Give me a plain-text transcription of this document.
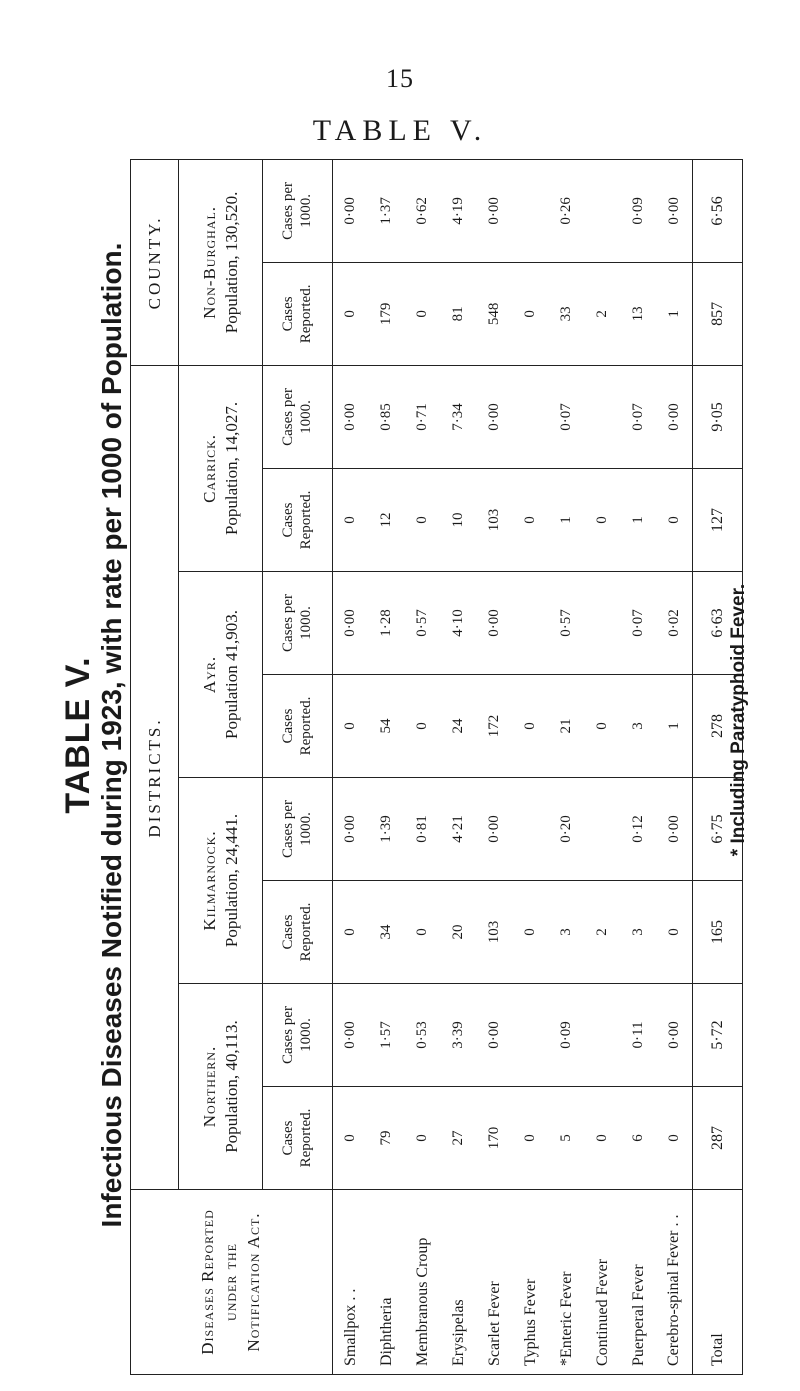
15
TABLE V.
TABLE V.
Infectious Diseases Notified during 1923, with rate per 1000 of Population.
Diseases Reported under the Notification Act.	DISTRICTS.								COUNTY.	
	Northern. Population, 40,113.		Kilmarnock. Population, 24,441.		Ayr. Population 41,903.		Carrick. Population, 14,027.		Non-Burghal. Population, 130,520.	
	Cases Reported.	Cases per 1000.	Cases Reported.	Cases per 1000.	Cases Reported.	Cases per 1000.	Cases Reported.	Cases per 1000.	Cases Reported.	Cases per 1000.
Smallpox . .	0	0·00	0	0·00	0	0·00	0	0·00	0	0·00
Diphtheria	79	1·57	34	1·39	54	1·28	12	0·85	179	1·37
Membranous Croup	0	0·53	0	0·81	0	0·57	0	0·71	0	0·62
Erysipelas	27	3·39	20	4·21	24	4·10	10	7·34	81	4·19
Scarlet Fever	170	0·00	103	0·00	172	0·00	103	0·00	548	0·00
Typhus Fever	0		0		0		0		0	
*Enteric Fever	5	0·09	3	0·20	21	0·57	1	0·07	33	0·26
Continued Fever	0		2		0		0		2	
Puerperal Fever	6	0·11	3	0·12	3	0·07	1	0·07	13	0·09
Cerebro-spinal Fever . .	0	0·00	0	0·00	1	0·02	0	0·00	1	0·00
Total	287	5·72	165	6·75	278	6·63	127	9·05	857	6·56
* Including Paratyphoid Fever.
